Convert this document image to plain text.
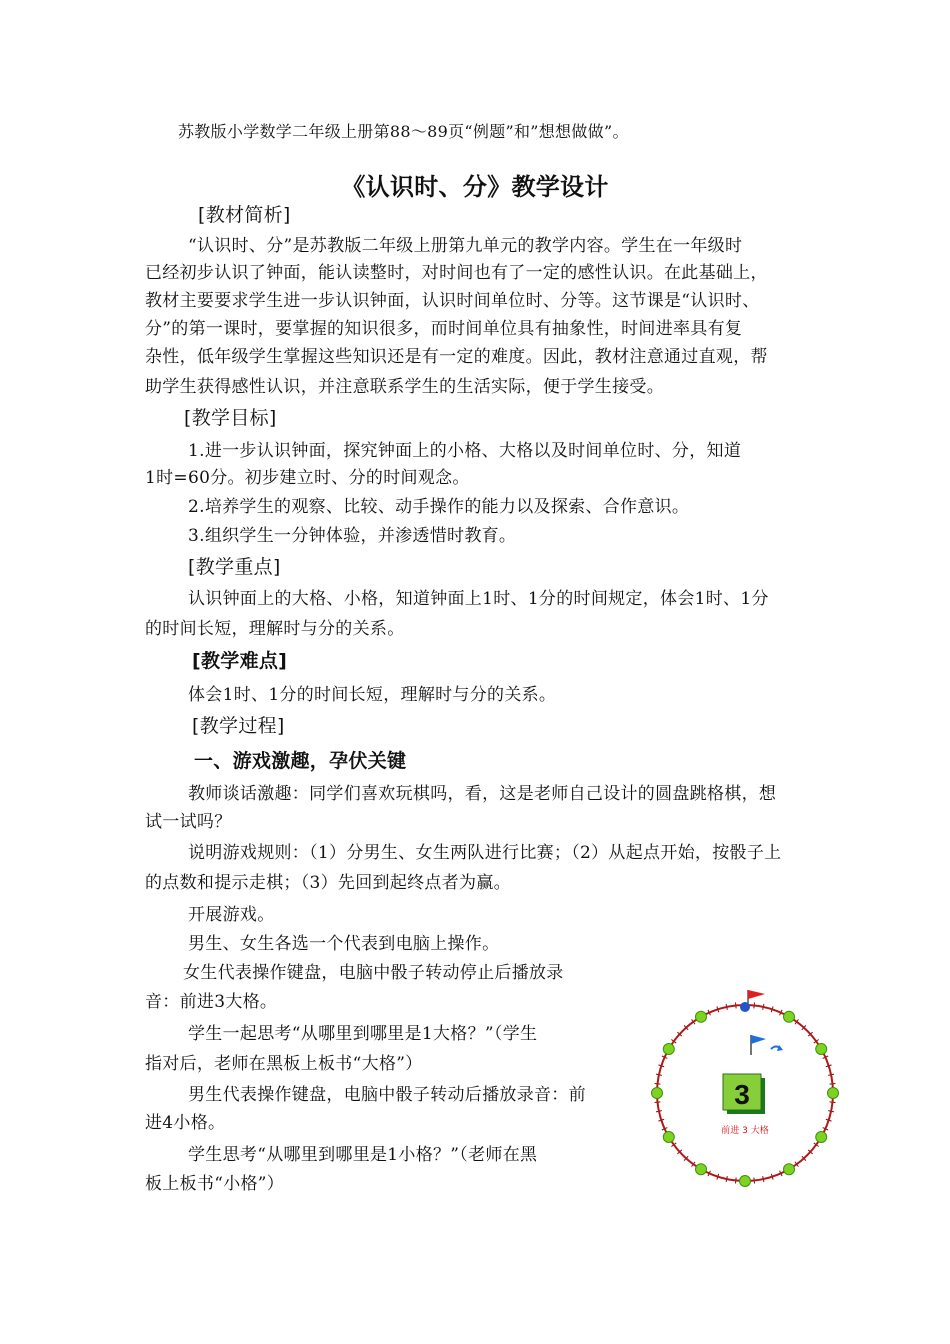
苏教版小学数学二年级上册第88～89页“例题”和”想想做做”。
《认识时、分》教学设计
[教材简析]
“认识时、分”是苏教版二年级上册第九单元的教学内容。学生在一年级时
已经初步认识了钟面，能认读整时，对时间也有了一定的感性认识。在此基础上，
教材主要要求学生进一步认识钟面，认识时间单位时、分等。这节课是“认识时、
分”的第一课时，要掌握的知识很多，而时间单位具有抽象性，时间进率具有复
杂性，低年级学生掌握这些知识还是有一定的难度。因此，教材注意通过直观，帮
助学生获得感性认识，并注意联系学生的生活实际，便于学生接受。
[教学目标]
1.进一步认识钟面，探究钟面上的小格、大格以及时间单位时、分，知道
1时=60分。初步建立时、分的时间观念。
2.培养学生的观察、比较、动手操作的能力以及探索、合作意识。
3.组织学生一分钟体验，并渗透惜时教育。
[教学重点]
认识钟面上的大格、小格，知道钟面上1时、1分的时间规定，体会1时、1分
的时间长短，理解时与分的关系。
[教学难点]
体会1时、1分的时间长短，理解时与分的关系。
[教学过程]
一、游戏激趣，孕伏关键
教师谈话激趣：同学们喜欢玩棋吗，看，这是老师自己设计的圆盘跳格棋，想
试一试吗？
说明游戏规则：（1）分男生、女生两队进行比赛；（2）从起点开始，按骰子上
的点数和提示走棋；（3）先回到起终点者为赢。
开展游戏。
男生、女生各选一个代表到电脑上操作。
女生代表操作键盘，电脑中骰子转动停止后播放录
音：前进3大格。
学生一起思考“从哪里到哪里是1大格？”（学生
指对后，老师在黑板上板书“大格”）
男生代表操作键盘，电脑中骰子转动后播放录音：前
进4小格。
学生思考“从哪里到哪里是1小格？”（老师在黑
板上板书“小格”）
3
前进 3 大格
